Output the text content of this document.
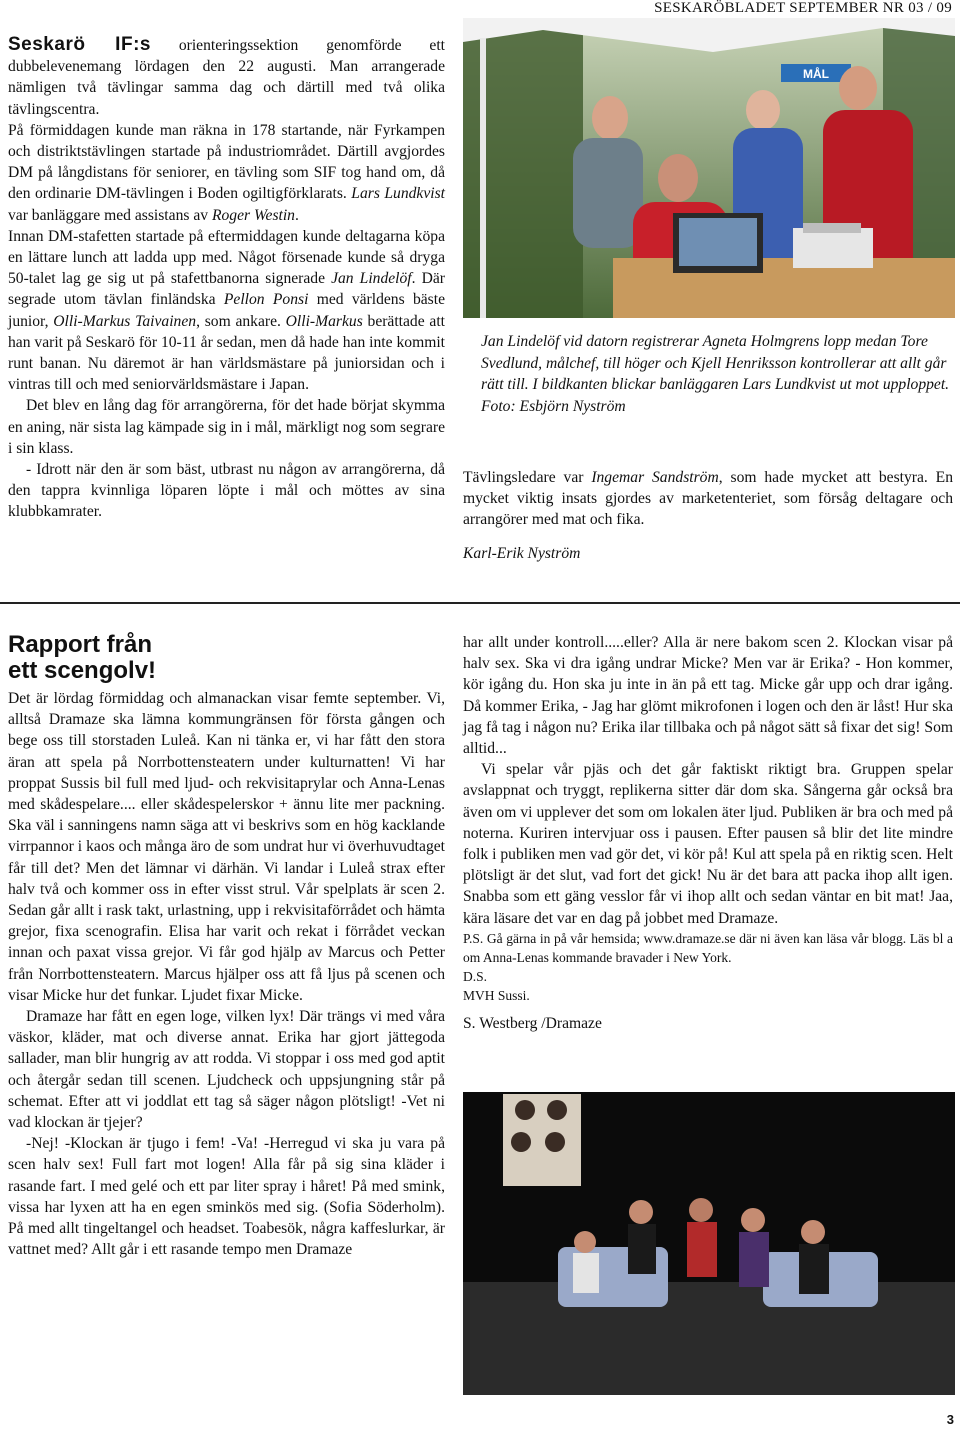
SESKARÖBLADET SEPTEMBER NR 03 / 09

Seskarö IF:s orienteringssektion genomförde ett dubbelevenemang lördagen den 22 augusti. Man arrangerade nämligen två tävlingar samma dag och därtill med två olika tävlingscentra.

På förmiddagen kunde man räkna in 178 startande, när Fyrkampen och distriktstävlingen startade på industriområdet. Därtill avgjordes DM på långdistans för seniorer, en tävling som SIF tog hand om, då den ordinarie DM-tävlingen i Boden ogiltigförklarats. Lars Lundkvist var banläggare med assistans av Roger Westin.

Innan DM-stafetten startade på eftermiddagen kunde deltagarna köpa en lättare lunch att ladda upp med. Något försenade kunde så dryga 50-talet lag ge sig ut på stafettbanorna signerade Jan Lindelöf. Där segrade utom tävlan finländska Pellon Ponsi med världens bäste junior, Olli-Markus Taivainen, som ankare. Olli-Markus berättade att han varit på Seskarö för 10-11 år sedan, men då hade han inte kommit runt banan. Nu däremot är han världsmästare på juniorsidan och i vintras till och med seniorvärldsmästare i Japan.

Det blev en lång dag för arrangörerna, för det hade börjat skymma en aning, när sista lag kämpade sig in i mål, märkligt nog som segrare i sin klass.

- Idrott när den är som bäst, utbrast nu någon av arrangörerna, då den tappra kvinnliga löparen löpte i mål och möttes av sina klubbkamrater.

MÅL
Jan Lindelöf vid datorn registrerar Agneta Holmgrens lopp medan Tore Svedlund, målchef, till höger och Kjell Henriksson kontrollerar att allt går rätt till. I bildkanten blickar banläggaren Lars Lundkvist ut mot upploppet.
Foto: Esbjörn Nyström

Tävlingsledare var Ingemar Sandström, som hade mycket att bestyra. En mycket viktig insats gjordes av marketenteriet, som försåg deltagare och arrangörer med mat och fika.

Karl-Erik Nyström

Rapport från
ett scengolv!

Det är lördag förmiddag och almanackan visar femte september. Vi, alltså Dramaze ska lämna kommungränsen för första gången och bege oss till storstaden Luleå. Kan ni tänka er, vi har fått den stora äran att spela på Norrbottensteatern under kulturnatten! Vi har proppat Sussis bil full med ljud- och rekvisitaprylar och Anna-Lenas med skådespelare.... eller skådespelerskor + ännu lite mer packning. Ska väl i sanningens namn säga att vi beskrivs som en hög kacklande virrpannor i kaos och många äro de som undrat hur vi överhuvudtaget får till det? Men det lämnar vi därhän. Vi landar i Luleå strax efter halv två och kommer oss in efter visst strul. Vår spelplats är scen 2. Sedan går allt i rask takt, urlastning, upp i rekvisitaförrådet och hämta grejor, fixa scenografin. Elisa har varit och rekat i förrådet veckan innan och paxat vissa grejor. Vi får god hjälp av Marcus och Petter från Norrbottensteatern. Marcus hjälper oss att få ljus på scenen och visar Micke hur det funkar. Ljudet fixar Micke.

Dramaze har fått en egen loge, vilken lyx! Där trängs vi med våra väskor, kläder, mat och diverse annat. Erika har gjort jättegoda sallader, man blir hungrig av att rodda. Vi stoppar i oss med god aptit och återgår sedan till scenen. Ljudcheck och uppsjungning står på schemat. Efter att vi joddlat ett tag så säger någon plötsligt! -Vet ni vad klockan är tjejer?

-Nej! -Klockan är tjugo i fem! -Va! -Herregud vi ska ju vara på scen halv sex! Full fart mot logen! Alla får på sig sina kläder i rasande fart. I med gelé och ett par liter spray i håret! På med smink, vissa har lyxen att ha en egen sminkös med sig. (Sofia Söderholm). På med allt tingeltangel och headset. Toabesök, några kaffeslurkar, är vattnet med? Allt går i ett rasande tempo men Dramaze

har allt under kontroll.....eller? Alla är nere bakom scen 2. Klockan visar på halv sex. Ska vi dra igång undrar Micke? Men var är Erika? - Hon kommer, kör igång du. Hon ska ju inte in än på ett tag. Micke går upp och drar igång. Då kommer Erika, - Jag har glömt mikrofonen i logen och den är låst! Hur ska jag få tag i någon nu? Erika ilar tillbaka och på något sätt så fixar det sig! Som alltid...

Vi spelar vår pjäs och det går faktiskt riktigt bra. Gruppen spelar avslappnat och tryggt, replikerna sitter där dom ska. Sångerna går också bra även om vi upplever det som om lokalen äter ljud. Publiken är bra och med på noterna. Kuriren intervjuar oss i pausen. Efter pausen så blir det lite mindre folk i publiken men vad gör det, vi kör på! Kul att spela på en riktig scen. Helt plötsligt är det slut, vad fort det gick! Nu är det bara att packa ihop allt igen. Snabba som ett gäng vesslor får vi ihop allt och sedan väntar en bit mat! Jaa, kära läsare det var en dag på jobbet med Dramaze.

P.S. Gå gärna in på vår hemsida; www.dramaze.se där ni även kan läsa vår blogg. Läs bl a om Anna-Lenas kommande bravader i New York.

D.S.

MVH Sussi.

S. Westberg /Dramaze

3
